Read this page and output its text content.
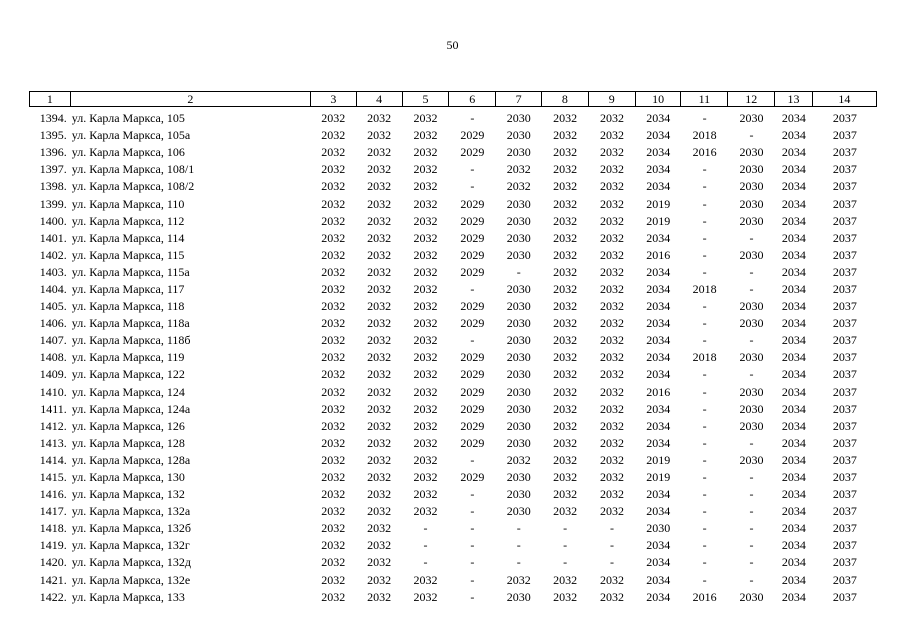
50
1	2	3	4	5	6	7	8	9	10	11	12	13	14
1394.	ул. Карла Маркса, 105	2032	2032	2032	-	2030	2032	2032	2034	-	2030	2034	2037
1395.	ул. Карла Маркса, 105а	2032	2032	2032	2029	2030	2032	2032	2034	2018	-	2034	2037
1396.	ул. Карла Маркса, 106	2032	2032	2032	2029	2030	2032	2032	2034	2016	2030	2034	2037
1397.	ул. Карла Маркса, 108/1	2032	2032	2032	-	2032	2032	2032	2034	-	2030	2034	2037
1398.	ул. Карла Маркса, 108/2	2032	2032	2032	-	2032	2032	2032	2034	-	2030	2034	2037
1399.	ул. Карла Маркса, 110	2032	2032	2032	2029	2030	2032	2032	2019	-	2030	2034	2037
1400.	ул. Карла Маркса, 112	2032	2032	2032	2029	2030	2032	2032	2019	-	2030	2034	2037
1401.	ул. Карла Маркса, 114	2032	2032	2032	2029	2030	2032	2032	2034	-	-	2034	2037
1402.	ул. Карла Маркса, 115	2032	2032	2032	2029	2030	2032	2032	2016	-	2030	2034	2037
1403.	ул. Карла Маркса, 115а	2032	2032	2032	2029	-	2032	2032	2034	-	-	2034	2037
1404.	ул. Карла Маркса, 117	2032	2032	2032	-	2030	2032	2032	2034	2018	-	2034	2037
1405.	ул. Карла Маркса, 118	2032	2032	2032	2029	2030	2032	2032	2034	-	2030	2034	2037
1406.	ул. Карла Маркса, 118а	2032	2032	2032	2029	2030	2032	2032	2034	-	2030	2034	2037
1407.	ул. Карла Маркса, 118б	2032	2032	2032	-	2030	2032	2032	2034	-	-	2034	2037
1408.	ул. Карла Маркса, 119	2032	2032	2032	2029	2030	2032	2032	2034	2018	2030	2034	2037
1409.	ул. Карла Маркса, 122	2032	2032	2032	2029	2030	2032	2032	2034	-	-	2034	2037
1410.	ул. Карла Маркса, 124	2032	2032	2032	2029	2030	2032	2032	2016	-	2030	2034	2037
1411.	ул. Карла Маркса, 124а	2032	2032	2032	2029	2030	2032	2032	2034	-	2030	2034	2037
1412.	ул. Карла Маркса, 126	2032	2032	2032	2029	2030	2032	2032	2034	-	2030	2034	2037
1413.	ул. Карла Маркса, 128	2032	2032	2032	2029	2030	2032	2032	2034	-	-	2034	2037
1414.	ул. Карла Маркса, 128а	2032	2032	2032	-	2032	2032	2032	2019	-	2030	2034	2037
1415.	ул. Карла Маркса, 130	2032	2032	2032	2029	2030	2032	2032	2019	-	-	2034	2037
1416.	ул. Карла Маркса, 132	2032	2032	2032	-	2030	2032	2032	2034	-	-	2034	2037
1417.	ул. Карла Маркса, 132а	2032	2032	2032	-	2030	2032	2032	2034	-	-	2034	2037
1418.	ул. Карла Маркса, 132б	2032	2032	-	-	-	-	-	2030	-	-	2034	2037
1419.	ул. Карла Маркса, 132г	2032	2032	-	-	-	-	-	2034	-	-	2034	2037
1420.	ул. Карла Маркса, 132д	2032	2032	-	-	-	-	-	2034	-	-	2034	2037
1421.	ул. Карла Маркса, 132е	2032	2032	2032	-	2032	2032	2032	2034	-	-	2034	2037
1422.	ул. Карла Маркса, 133	2032	2032	2032	-	2030	2032	2032	2034	2016	2030	2034	2037
